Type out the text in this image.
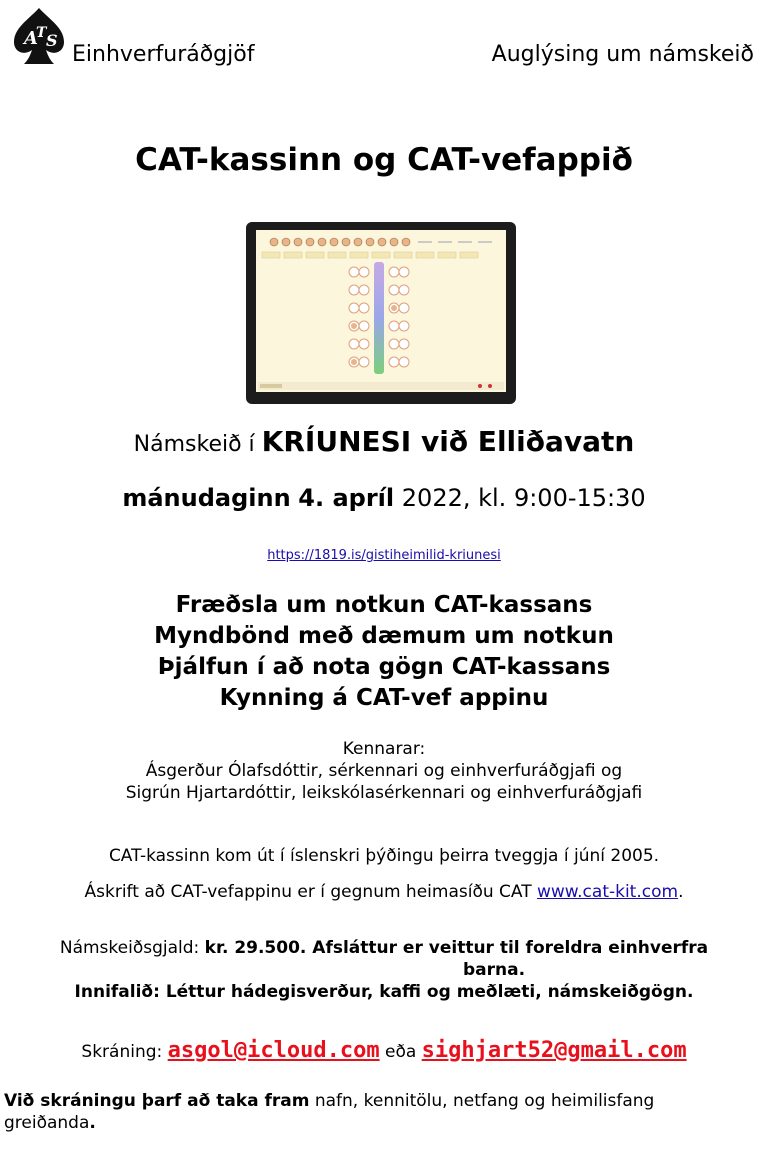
A
T S
Einhverfuráðgjöf	Auglýsing um námskeið
CAT-kassinn og CAT-vefappið
Námskeið í KRÍUNESI við Elliðavatn
mánudaginn 4. apríl 2022, kl. 9:00-15:30
https://1819.is/gistiheimilid-kriunesi
Fræðsla um notkun CAT-kassans
Myndbönd með dæmum um notkun
Þjálfun í að nota gögn CAT-kassans
Kynning á CAT-vef appinu
Kennarar:
Ásgerður Ólafsdóttir, sérkennari og einhverfuráðgjafi og
Sigrún Hjartardóttir, leikskólasérkennari og einhverfuráðgjafi
CAT-kassinn kom út í íslenskri þýðingu þeirra tveggja í júní 2005.
Áskrift að CAT-vefappinu er í gegnum heimasíðu CAT www.cat-kit.com.
Námskeiðsgjald: kr. 29.500. Afsláttur er veittur til foreldra einhverfra
barna.
Innifalið: Léttur hádegisverður, kaffi og meðlæti, námskeiðgögn.
Skráning: asgol@icloud.com eða sighjart52@gmail.com
Við skráningu þarf að taka fram nafn, kennitölu, netfang og heimilisfang
greiðanda.
